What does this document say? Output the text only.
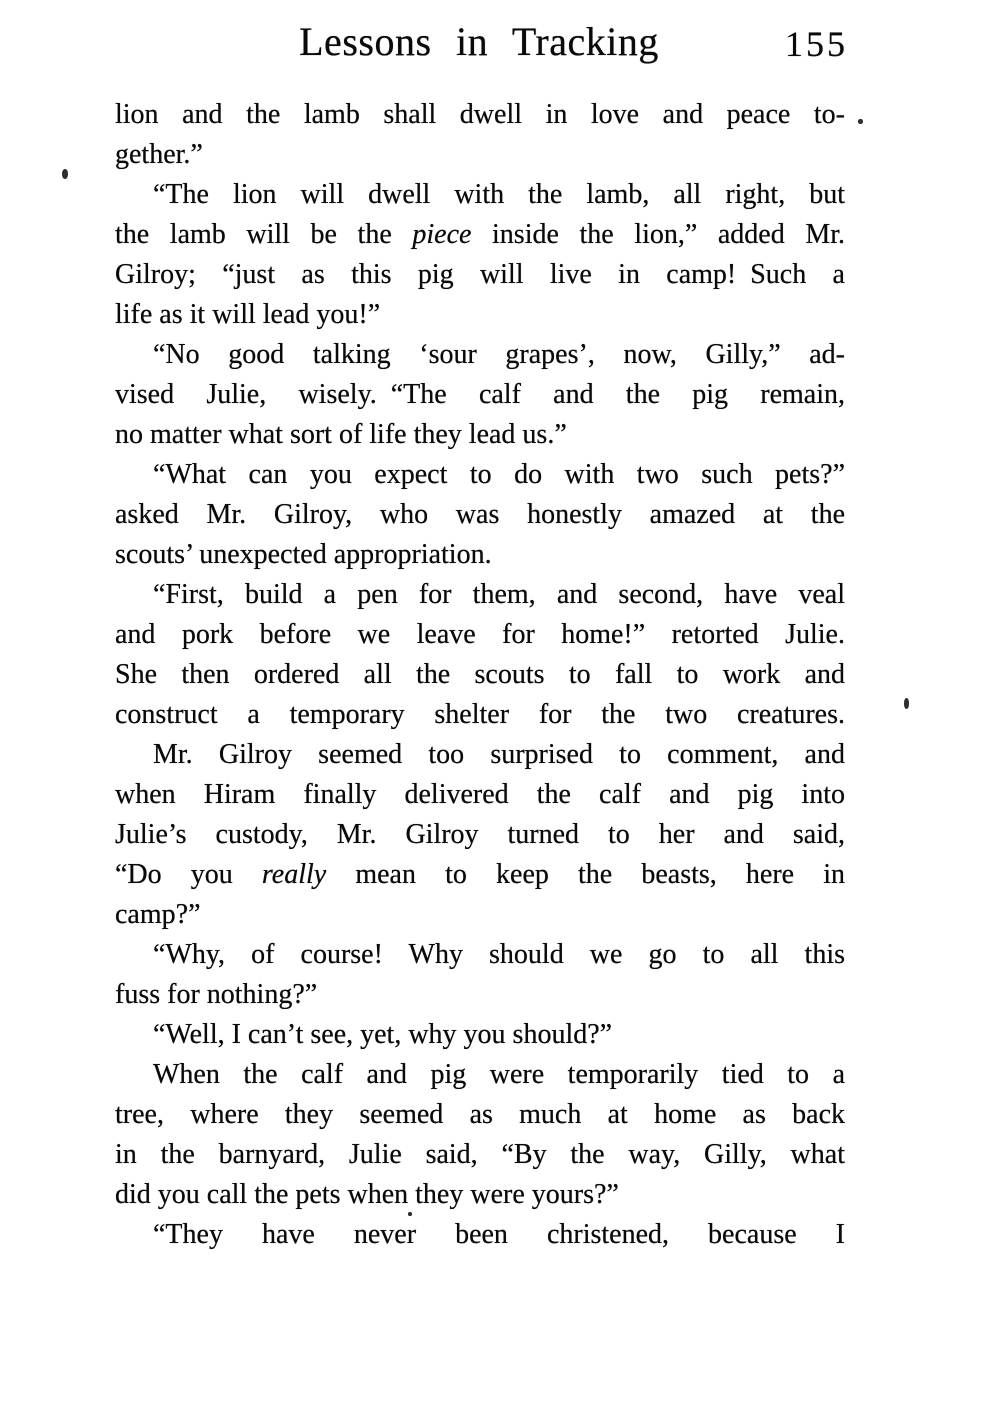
Lessons in Tracking	155
lion and the lamb shall dwell in love and peace to-
gether.”
“The lion will dwell with the lamb, all right, but
the lamb will be the piece inside the lion,” added Mr.
Gilroy; “just as this pig will live in camp! Such a
life as it will lead you!”
“No good talking ‘sour grapes’, now, Gilly,” ad-
vised Julie, wisely. “The calf and the pig remain,
no matter what sort of life they lead us.”
“What can you expect to do with two such pets?”
asked Mr. Gilroy, who was honestly amazed at the
scouts’ unexpected appropriation.
“First, build a pen for them, and second, have veal
and pork before we leave for home!” retorted Julie.
She then ordered all the scouts to fall to work and
construct a temporary shelter for the two creatures.
Mr. Gilroy seemed too surprised to comment, and
when Hiram finally delivered the calf and pig into
Julie’s custody, Mr. Gilroy turned to her and said,
“Do you really mean to keep the beasts, here in
camp?”
“Why, of course! Why should we go to all this
fuss for nothing?”
“Well, I can’t see, yet, why you should?”
When the calf and pig were temporarily tied to a
tree, where they seemed as much at home as back
in the barnyard, Julie said, “By the way, Gilly, what
did you call the pets when they were yours?”
“They have never been christened, because I
